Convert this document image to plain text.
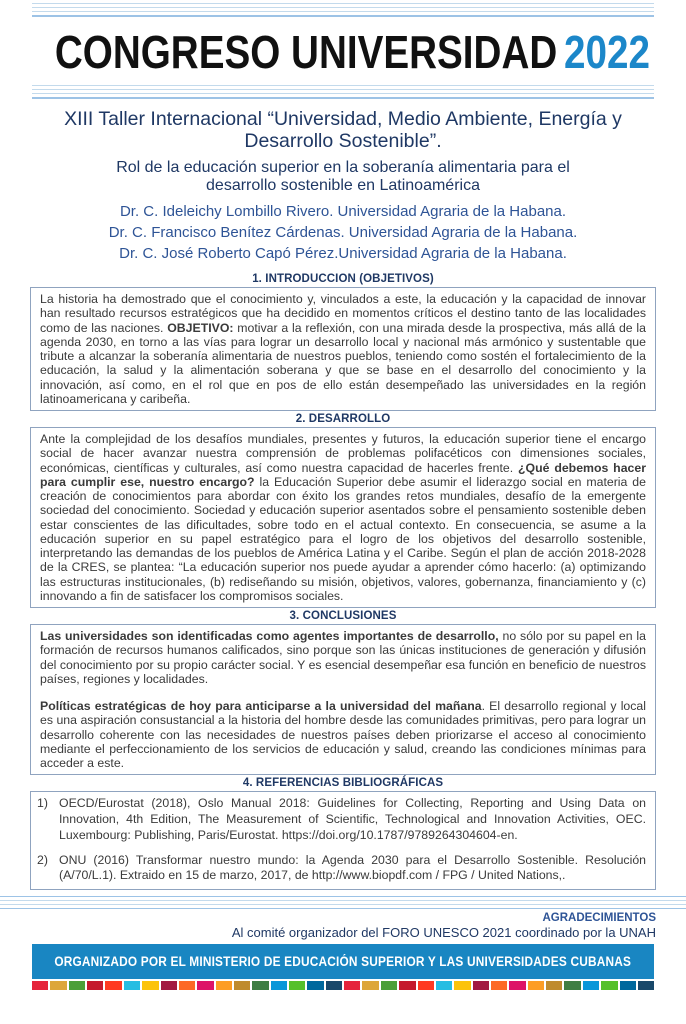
CONGRESO UNIVERSIDAD 2022
XIII Taller Internacional “Universidad, Medio Ambiente, Energía y Desarrollo Sostenible”.
Rol de la educación superior en la soberanía alimentaria para el desarrollo sostenible en Latinoamérica
Dr. C. Ideleichy Lombillo Rivero. Universidad Agraria de la Habana.
Dr. C. Francisco Benítez Cárdenas. Universidad Agraria de la Habana.
Dr. C. José Roberto Capó Pérez.Universidad Agraria de la Habana.
1. INTRODUCCION (OBJETIVOS)
La historia ha demostrado que el conocimiento y, vinculados a este, la educación y la capacidad de innovar han resultado recursos estratégicos que ha decidido en momentos críticos el destino tanto de las localidades como de las naciones. OBJETIVO: motivar a la reflexión, con una mirada desde la prospectiva, más allá de la agenda 2030, en torno a las vías para lograr un desarrollo local y nacional más armónico y sustentable que tribute a alcanzar la soberanía alimentaria de nuestros pueblos, teniendo como sostén el fortalecimiento de la educación, la salud y la alimentación soberana y que se base en el desarrollo del conocimiento y la innovación, así como, en el rol que en pos de ello están desempeñado las universidades en la región latinoamericana y caribeña.
2. DESARROLLO
Ante la complejidad de los desafíos mundiales, presentes y futuros, la educación superior tiene el encargo social de hacer avanzar nuestra comprensión de problemas polifacéticos con dimensiones sociales, económicas, científicas y culturales, así como nuestra capacidad de hacerles frente. ¿Qué debemos hacer para cumplir ese, nuestro encargo? la Educación Superior debe asumir el liderazgo social en materia de creación de conocimientos para abordar con éxito los grandes retos mundiales, desafío de la emergente sociedad del conocimiento. Sociedad y educación superior asentados sobre el pensamiento sostenible deben estar conscientes de las dificultades, sobre todo en el actual contexto. En consecuencia, se asume a la educación superior en su papel estratégico para el logro de los objetivos del desarrollo sostenible, interpretando las demandas de los pueblos de América Latina y el Caribe. Según el plan de acción 2018-2028 de la CRES, se plantea: “La educación superior nos puede ayudar a aprender cómo hacerlo: (a) optimizando las estructuras institucionales, (b) rediseñando su misión, objetivos, valores, gobernanza, financiamiento y (c) innovando a fin de satisfacer los compromisos sociales.
3. CONCLUSIONES
Las universidades son identificadas como agentes importantes de desarrollo, no sólo por su papel en la formación de recursos humanos calificados, sino porque son las únicas instituciones de generación y difusión del conocimiento por su propio carácter social. Y es esencial desempeñar esa función en beneficio de nuestros países, regiones y localidades.
Políticas estratégicas de hoy para anticiparse a la universidad del mañana. El desarrollo regional y local es una aspiración consustancial a la historia del hombre desde las comunidades primitivas, pero para lograr un desarrollo coherente con las necesidades de nuestros países deben priorizarse el acceso al conocimiento mediante el perfeccionamiento de los servicios de educación y salud, creando las condiciones mínimas para acceder a este.
4. REFERENCIAS BIBLIOGRÁFICAS
1) OECD/Eurostat (2018), Oslo Manual 2018: Guidelines for Collecting, Reporting and Using Data on Innovation, 4th Edition, The Measurement of Scientific, Technological and Innovation Activities, OEC. Luxembourg: Publishing, Paris/Eurostat. https://doi.org/10.1787/9789264304604-en.
2) ONU (2016) Transformar nuestro mundo: la Agenda 2030 para el Desarrollo Sostenible. Resolución (A/70/L.1). Extraido en 15 de marzo, 2017, de http://www.biopdf.com / FPG / United Nations,.
AGRADECIMIENTOS
Al comité organizador del FORO UNESCO 2021 coordinado por la UNAH
ORGANIZADO POR EL MINISTERIO DE EDUCACIÓN SUPERIOR Y LAS UNIVERSIDADES CUBANAS
